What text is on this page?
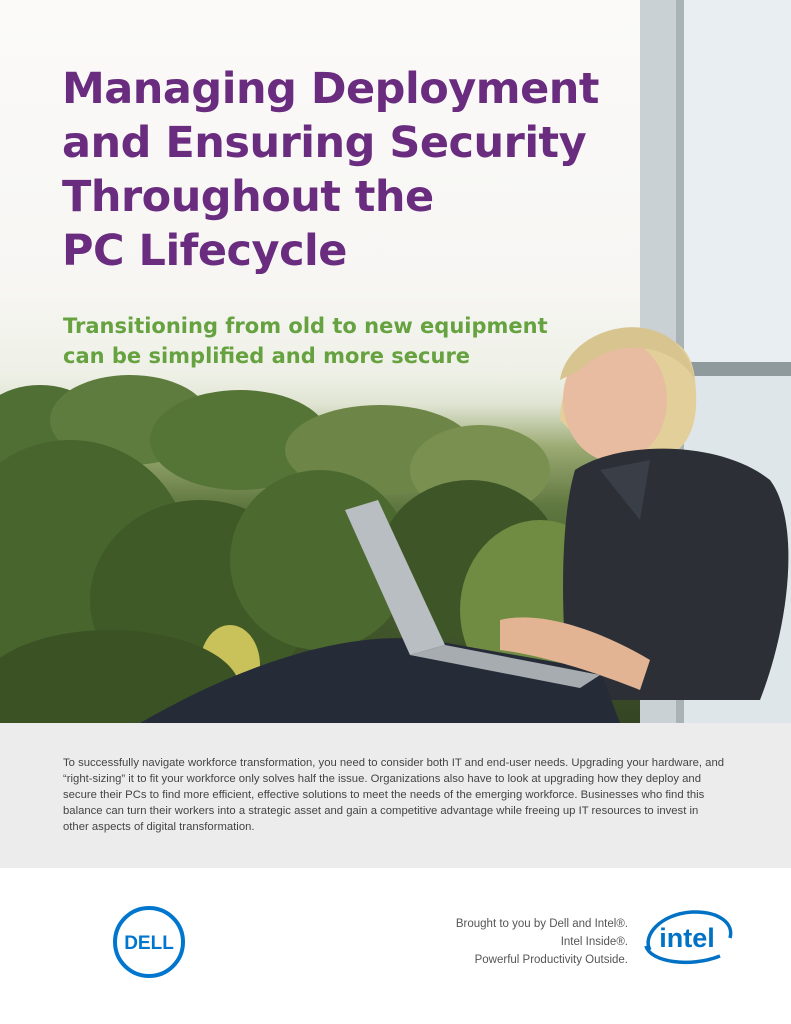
Managing Deployment
and Ensuring Security
Throughout the
PC Lifecycle
Transitioning from old to new equipment
can be simplified and more secure

To successfully navigate workforce transformation, you need to consider both IT and end-user needs. Upgrading your hardware, and “right-sizing” it to fit your workforce only solves half the issue. Organizations also have to look at upgrading how they deploy and secure their PCs to find more efficient, effective solutions to meet the needs of the emerging workforce. Businesses who find this balance can turn their workers into a strategic asset and gain a competitive advantage while freeing up IT resources to invest in other aspects of digital transformation.

DELL
Brought to you by Dell and Intel®.
Intel Inside®.
Powerful Productivity Outside.
intel
